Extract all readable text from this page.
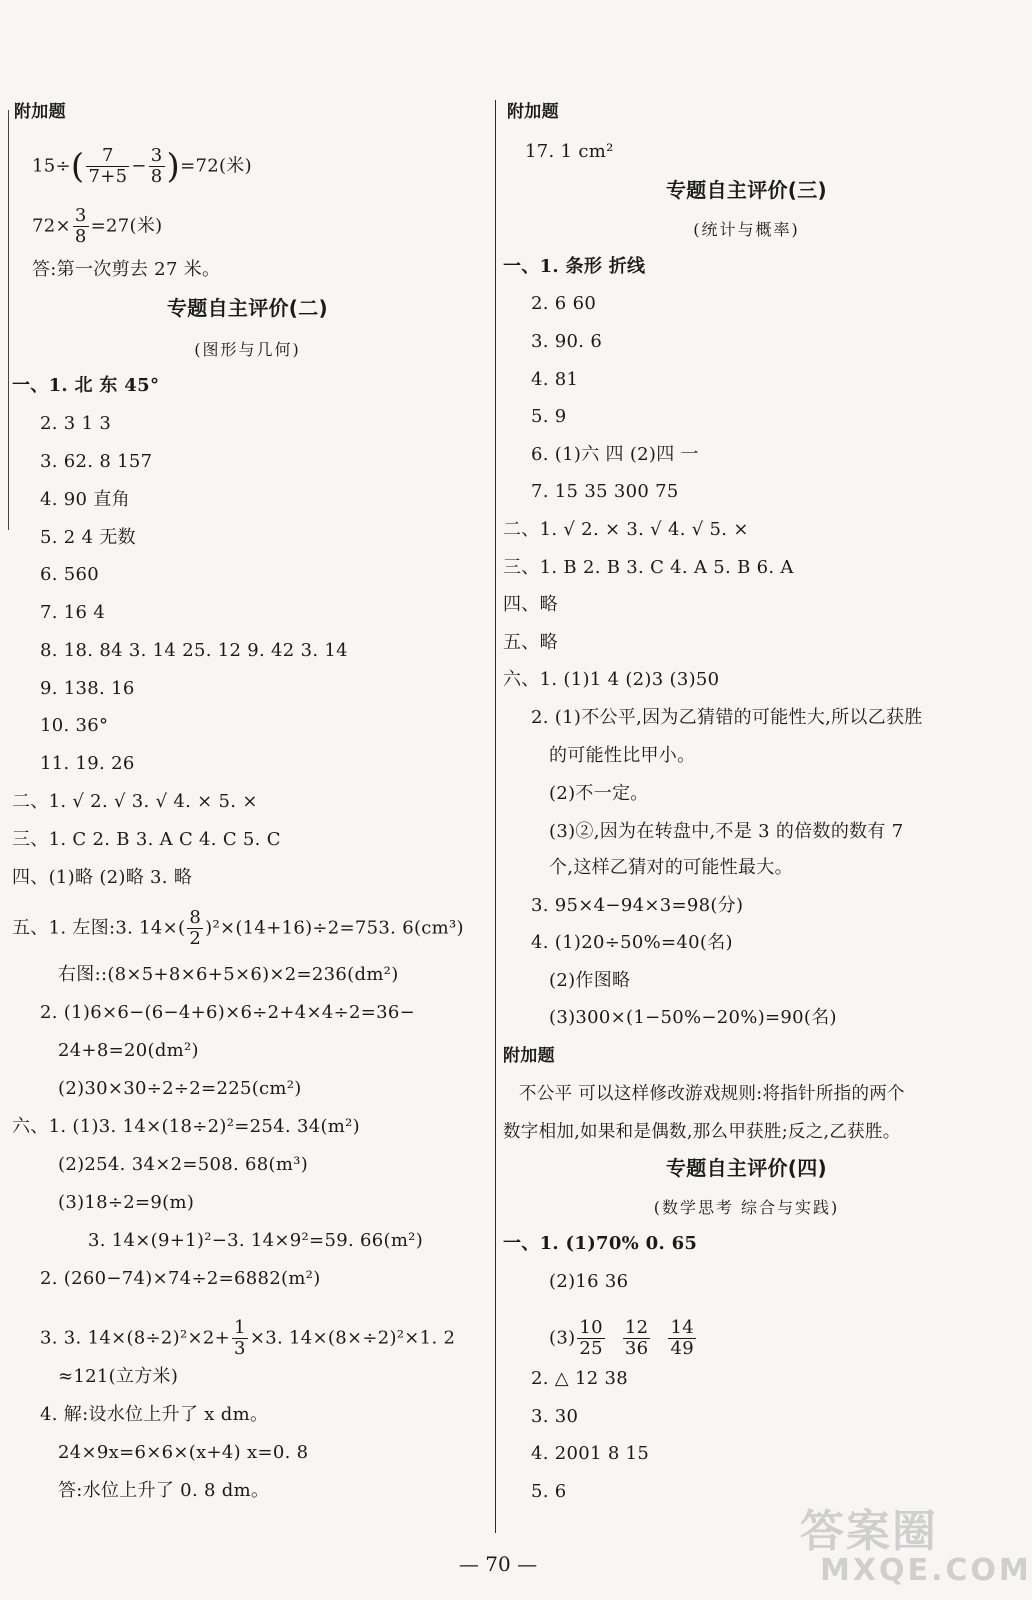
附加题
$15\div( \frac{7}{7+5} - \frac{3}{8} )=72$(米)
$72\times \frac{3}{8} =27$(米)
答:第一次剪去 27 米。
专题自主评价(二)
(图形与几何)
一、1. 北 东 45°
2. 3 1 3
3. 62. 8 157
4. 90 直角
5. 2 4 无数
6. 560
7. 16 4
8. 18. 84 3. 14 25. 12 9. 42 3. 14
9. 138. 16
10. 36°
11. 19. 26
二、1. √ 2. √ 3. √ 4. × 5. ×
三、1. C 2. B 3. A C 4. C 5. C
四、(1)略 (2)略 3. 略
五、1. 左图:3. $14\times( \frac{8}{2} )^2\times(14+16)\div 2=753$. 6(cm³)
右图::(8×5+8×6+5×6)×2=236(dm²)
2. (1)6×6−(6−4+6)×6÷2+4×4÷2=36−
24+8=20(dm²)
(2)30×30÷2÷2=225(cm²)
六、1. (1)3. 14×(18÷2)²=254. 34(m²)
(2)254. 34×2=508. 68(m³)
(3)18÷2=9(m)
3. 14×(9+1)²−3. 14×9²=59. 66(m²)
2. (260−74)×74÷2=6882(m²)
3. 3. $14\times(8\div 2)^2\times 2+ \frac{1}{3} \times 3$. 14×(8×÷2)²×1. 2
≈121(立方米)
4. 解:设水位上升了 x dm。
24×9x=6×6×(x+4) x=0. 8
答:水位上升了 0. 8 dm。
附加题
17. 1 cm²
专题自主评价(三)
(统计与概率)
一、1. 条形 折线
2. 6 60
3. 90. 6
4. 81
5. 9
6. (1)六 四 (2)四 一
7. 15 35 300 75
二、1. √ 2. × 3. √ 4. √ 5. ×
三、1. B 2. B 3. C 4. A 5. B 6. A
四、略
五、略
六、1. (1)1 4 (2)3 (3)50
2. (1)不公平,因为乙猜错的可能性大,所以乙获胜
的可能性比甲小。
(2)不一定。
(3)②,因为在转盘中,不是 3 的倍数的数有 7
个,这样乙猜对的可能性最大。
3. 95×4−94×3=98(分)
4. (1)20÷50%=40(名)
(2)作图略
(3)300×(1−50%−20%)=90(名)
附加题
不公平 可以这样修改游戏规则:将指针所指的两个
数字相加,如果和是偶数,那么甲获胜;反之,乙获胜。
专题自主评价(四)
(数学思考 综合与实践)
一、1. (1)70% 0. 65
(2)16 36
$(3) \frac{10}{25} \frac{12}{36} \frac{14}{49}$
2. △ 12 38
3. 30
4. 2001 8 15
5. 6
— 70 —
答案圈
MXQE.COM
